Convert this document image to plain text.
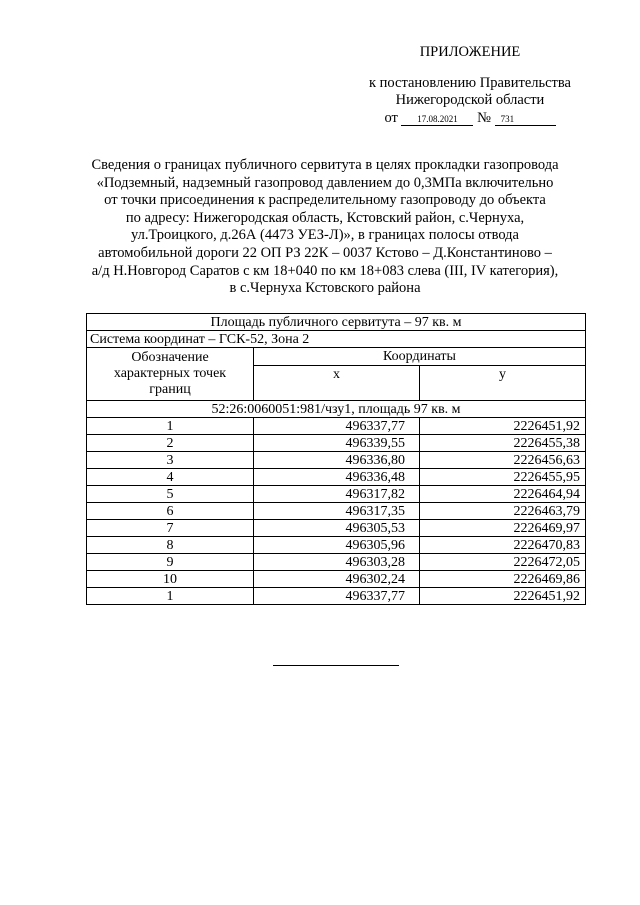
ПРИЛОЖЕНИЕ
к постановлению Правительства
Нижегородской области
от 17.08.2021 № 731
Сведения о границах публичного сервитута в целях прокладки газопровода
«Подземный, надземный газопровод давлением до 0,3МПа включительно
от точки присоединения к распределительному газопроводу до объекта
по адресу: Нижегородская область, Кстовский район, с.Чернуха,
ул.Троицкого, д.26А (4473 УЕЗ-Л)», в границах полосы отвода
автомобильной дороги 22 ОП РЗ 22К – 0037 Кстово – Д.Константиново –
а/д Н.Новгород Саратов с км 18+040 по км 18+083 слева (III, IV категория),
в с.Чернуха Кстовского района
Площадь публичного сервитута – 97 кв. м		
Система координат – ГСК-52, Зона 2		
Обозначение характерных точек границ	Координаты	
	x	y
52:26:0060051:981/чзу1, площадь 97 кв. м		
1	496337,77	2226451,92
2	496339,55	2226455,38
3	496336,80	2226456,63
4	496336,48	2226455,95
5	496317,82	2226464,94
6	496317,35	2226463,79
7	496305,53	2226469,97
8	496305,96	2226470,83
9	496303,28	2226472,05
10	496302,24	2226469,86
1	496337,77	2226451,92
